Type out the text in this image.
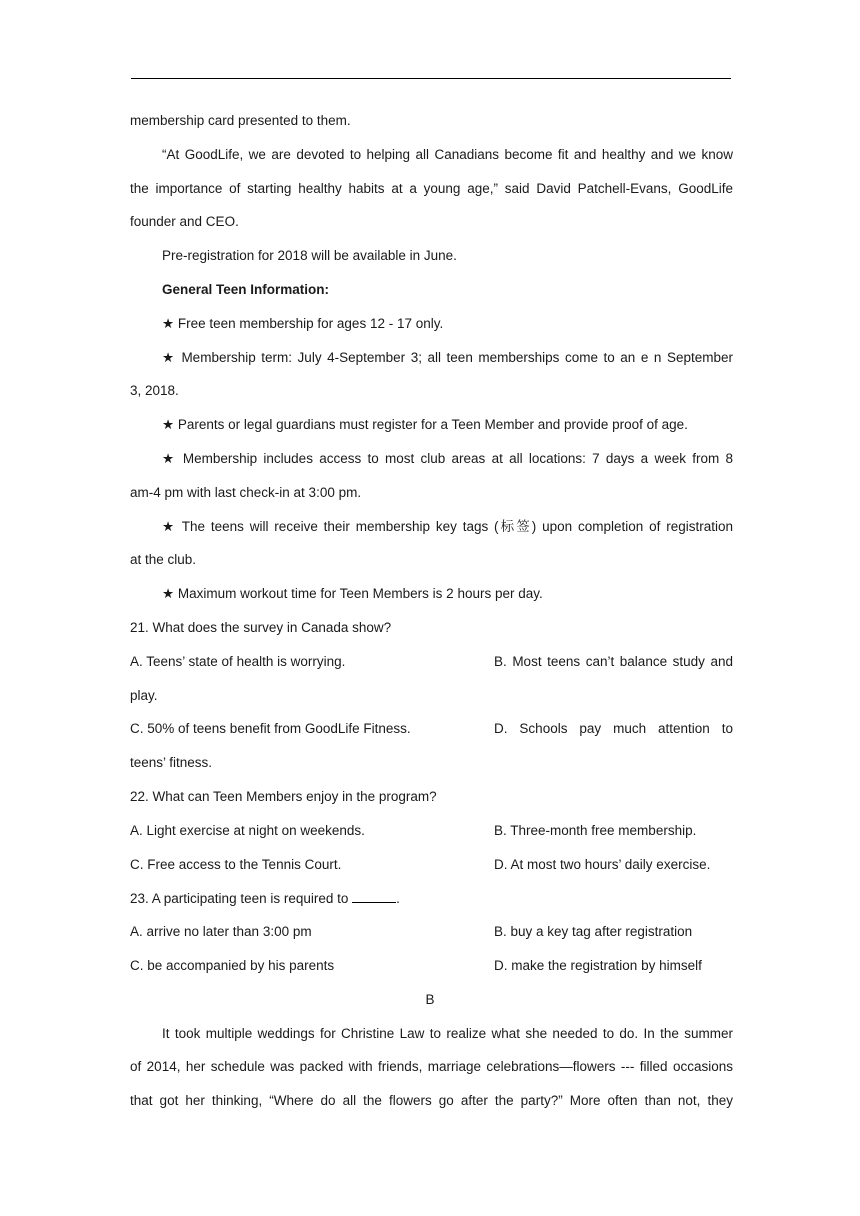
membership card presented to them.
“At GoodLife, we are devoted to helping all Canadians become fit and healthy and we know
the importance of starting healthy habits at a young age,” said David Patchell-Evans, GoodLife
founder and CEO.
Pre-registration for 2018 will be available in June.
General Teen Information:
★ Free teen membership for ages 12 - 17 only.
★ Membership term: July 4-September 3; all teen memberships come to an e n September
3, 2018.
★ Parents or legal guardians must register for a Teen Member and provide proof of age.
★ Membership includes access to most club areas at all locations: 7 days a week from 8
am-4 pm with last check-in at 3:00 pm.
★ The teens will receive their membership key tags (标签) upon completion of registration
at the club.
★ Maximum workout time for Teen Members is 2 hours per day.
21. What does the survey in Canada show?
A. Teens’ state of health is worrying.	B. Most teens can’t balance study and
play.
C. 50% of teens benefit from GoodLife Fitness.	D. Schools pay much attention to
teens’ fitness.
22. What can Teen Members enjoy in the program?
A. Light exercise at night on weekends.	B. Three-month free membership.
C. Free access to the Tennis Court.	D. At most two hours’ daily exercise.
23. A participating teen is required to	.
A. arrive no later than 3:00 pm	B. buy a key tag after registration
C. be accompanied by his parents	D. make the registration by himself
B
It took multiple weddings for Christine Law to realize what she needed to do. In the summer
of 2014, her schedule was packed with friends, marriage celebrations—flowers --- filled occasions
that got her thinking, “Where do all the flowers go after the party?” More often than not, they
